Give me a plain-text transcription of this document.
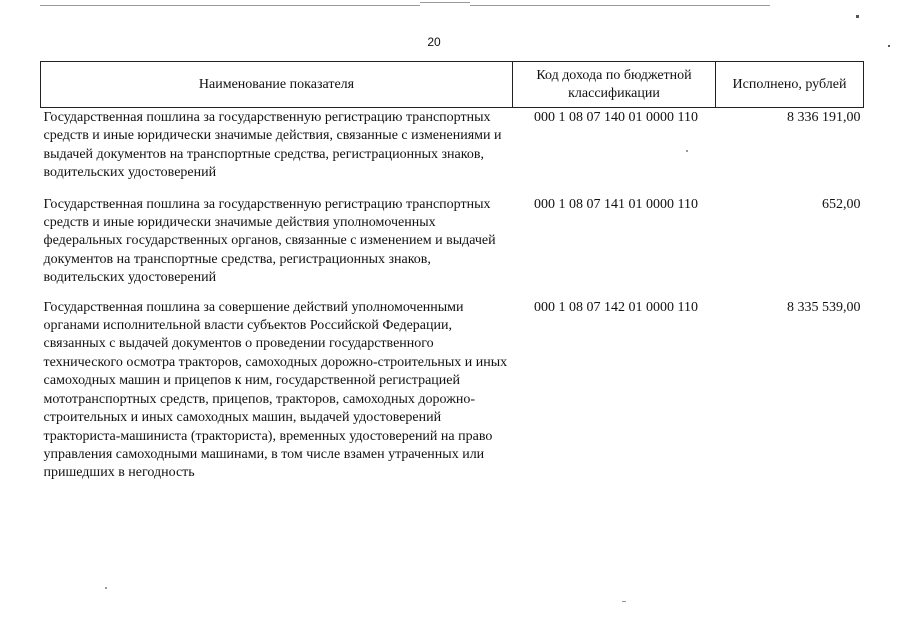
20
Наименование показателя	Код дохода по бюджетной классификации	Исполнено, рублей
Государственная пошлина за государственную регистрацию транспортных средств и иные юридически значимые действия, связанные с изменениями и выдачей документов на транспортные средства, регистрационных знаков, водительских удостоверений	000 1 08 07 140 01 0000 110	8 336 191,00
Государственная пошлина за государственную регистрацию транспортных средств и иные юридически значимые действия уполномоченных федеральных государственных органов, связанные с изменением и выдачей документов на транспортные средства, регистрационных знаков, водительских удостоверений	000 1 08 07 141 01 0000 110	652,00
Государственная пошлина за совершение действий уполномоченными органами исполнительной власти субъектов Российской Федерации, связанных с выдачей документов о проведении государственного технического осмотра тракторов, самоходных дорожно-строительных и иных самоходных машин и прицепов к ним, государственной регистрацией мототранспортных средств, прицепов, тракторов, самоходных дорожно-строительных и иных самоходных машин, выдачей удостоверений тракториста-машиниста (тракториста), временных удостоверений на право управления самоходными машинами, в том числе взамен утраченных или пришедших в негодность	000 1 08 07 142 01 0000 110	8 335 539,00
